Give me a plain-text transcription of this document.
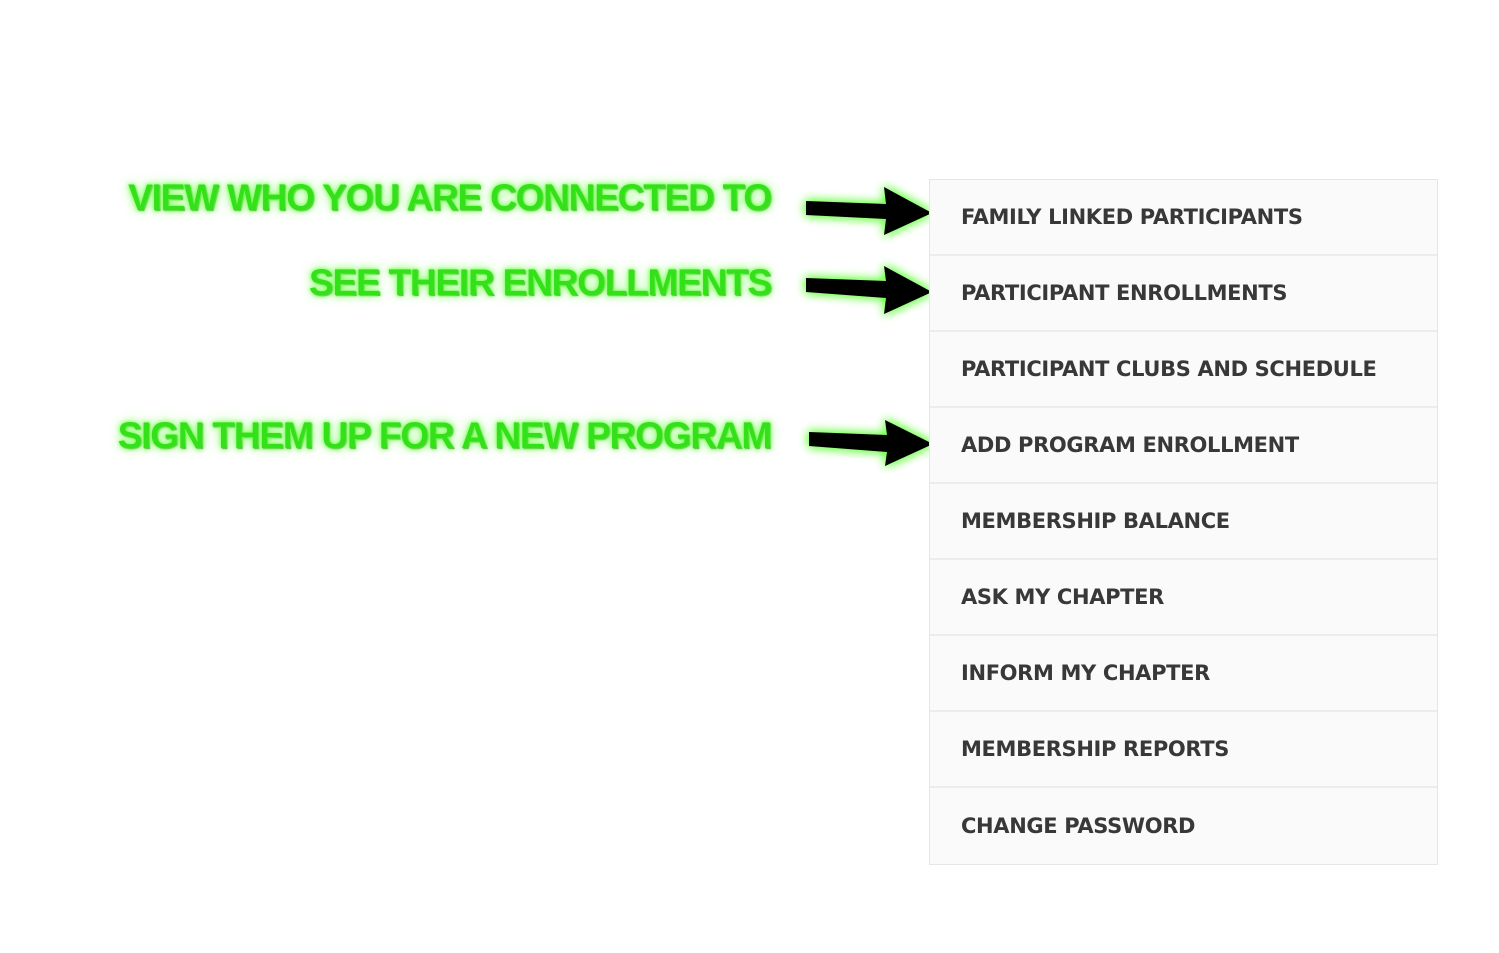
VIEW WHO YOU ARE CONNECTED TO
SEE THEIR ENROLLMENTS
SIGN THEM UP FOR A NEW PROGRAM
FAMILY LINKED PARTICIPANTS
PARTICIPANT ENROLLMENTS
PARTICIPANT CLUBS AND SCHEDULE
ADD PROGRAM ENROLLMENT
MEMBERSHIP BALANCE
ASK MY CHAPTER
INFORM MY CHAPTER
MEMBERSHIP REPORTS
CHANGE PASSWORD
